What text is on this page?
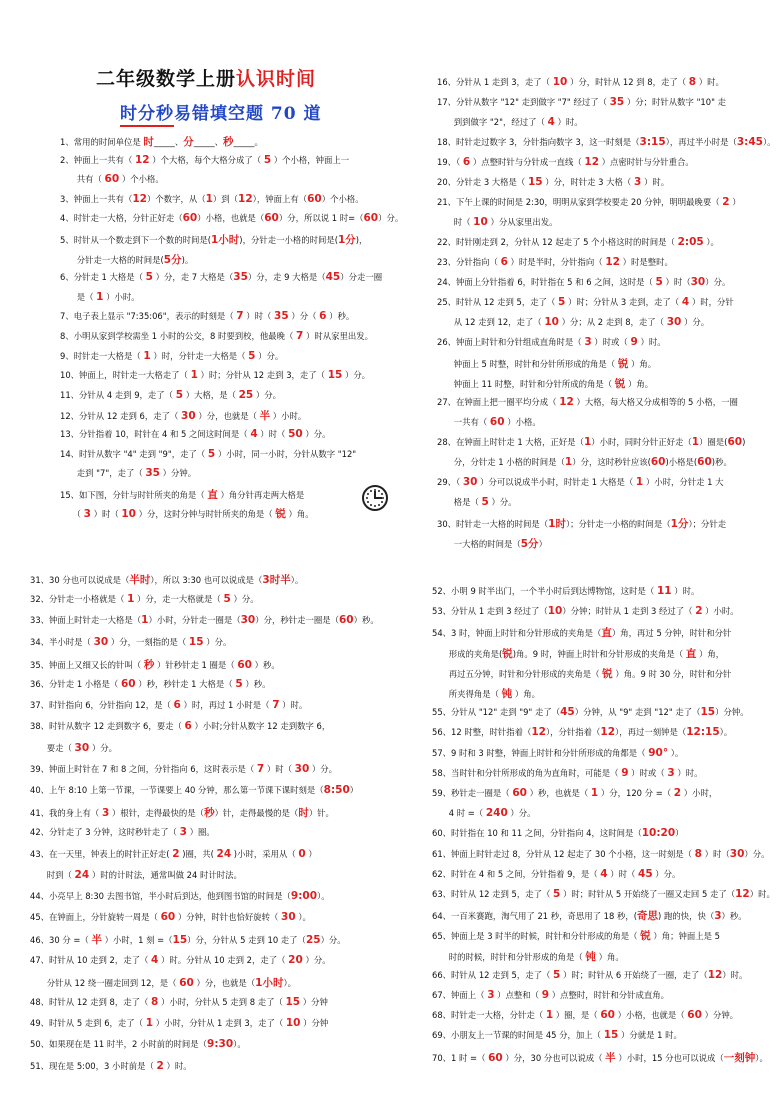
二年级数学上册认识时间
时分秒易错填空题 70 道
1、常用的时间单位是 时_____、分_____、秒_____。
2、钟面上一共有（ 12 ）个大格，每个大格分成了（ 5 ）个小格，钟面上一
　　共有（ 60 ）个小格。
3、钟面上一共有（12）个数字，从（1）到（12），钟面上有（60）个小格。
4、时针走一大格，分针正好走（60）小格，也就是（60）分，所以说 1 时=（60）分。
5、时针从一个数走到下一个数的时间是(1小时)，分针走一小格的时间是(1分)，
　　分针走一大格的时间是(5分)。
6、分针走 1 大格是（ 5 ）分，走 7 大格是（35）分，走 9 大格是（45）分走一圈
　　是（ 1 ）小时。
7、电子表上显示 "7:35:06"，表示的时刻是（ 7 ）时（ 35 ）分（ 6 ）秒。
8、小明从家到学校需坐 1 小时的公交，8 时要到校，他最晚（ 7 ）时从家里出发。
9、时针走一大格是（ 1 ）时，分针走一大格是（ 5 ）分。
10、钟面上，时针走一大格走了（ 1 ）时；分针从 12 走到 3，走了（ 15 ）分。
11、分针从 4 走到 9，走了（ 5 ）大格，是（ 25 ）分。
12、分针从 12 走到 6，走了（ 30 ）分，也就是（ 半 ）小时。
13、分针指着 10，时针在 4 和 5 之间这时间是（ 4 ）时（ 50 ）分。
14、时针从数字 "4" 走到 "9"，走了（ 5 ）小时，同一小时，分针从数字 "12"
　　走到 "7"，走了（ 35 ）分钟。
15、如下图，分针与时针所夹的角是（ 直 ）角分针再走两大格是
　　（ 3 ）时（ 10 ）分，这时分钟与时针所夹的角是（ 锐 ）角。
16、分针从 1 走到 3，走了（ 10 ）分，时针从 12 到 8，走了（ 8 ）时。
17、分针从数字 "12" 走到做字 "7" 经过了（ 35 ）分；时针从数字 "10" 走
　　到到做字 "2"，经过了（ 4 ）时。
18、时针走过数字 3，分针指向数字 3，这一时刻是（3:15），再过半小时是（3:45）。
19、（ 6 ）点整时针与分针成一直线（ 12 ）点密时针与分针重合。
20、分针走 3 大格是（ 15 ）分，时针走 3 大格（ 3 ）时。
21、下午上课的时间是 2:30，明明从家到学校要走 20 分钟，明明最晚要（ 2 ）
　　时（ 10 ）分从家里出发。
22、时针刚走到 2，分针从 12 起走了 5 个小格这时的时间是（ 2:05 ）。
23、分针指向（ 6 ）时是半时，分针指向（ 12 ）时是整时。
24、钟面上分针指着 6，时针指在 5 和 6 之间，这时是（ 5 ）时（30）分。
25、时针从 12 走到 5，走了（ 5 ）时；分针从 3 走到，走了（ 4 ）时，分针
　　从 12 走到 12，走了（ 10 ）分；从 2 走到 8，走了（ 30 ）分。
26、钟面上时针和分针组成直角时是（ 3 ）时或（ 9 ）时。
　　钟面上 5 时整，时针和分针所形成的角是（ 锐 ）角。
　　钟面上 11 时整，时针和分针所成的角是（ 锐 ）角。
27、在钟面上把一圈平均分成（ 12 ）大格，每大格又分成相等的 5 小格，一圈
　　一共有（ 60 ）小格。
28、在钟面上时针走 1 大格，正好是（1）小时，同时分针正好走（1）圈是(60)
　　分，分针走 1 小格的时间是（1）分，这时秒针应该(60)小格是(60)秒。
29、（ 30 ）分可以说成半小时，时针走 1 大格是（ 1 ）小时，分针走 1 大
　　格是（ 5 ）分。
30、时针走一大格的时间是（1时）；分针走一小格的时间是（1分）；分针走
　　一大格的时间是（5分）
31、30 分也可以说成是（半时），所以 3:30 也可以说成是（3时半）。
32、分针走一小格就是（ 1 ）分，走一大格就是（ 5 ）分。
33、钟面上时针走一大格是（1）小时，分针走一圈是（30）分，秒针走一圈是（60）秒。
34、半小时是（ 30 ）分，一刻指的是（ 15 ）分。
35、钟面上又细又长的针叫（ 秒 ）针秒针走 1 圈是（ 60 ）秒。
36、分针走 1 小格是（ 60 ）秒，秒针走 1 大格是（ 5 ）秒。
37、时针指向 6，分针指向 12，是（ 6 ）时，再过 1 小时是（ 7 ）时。
38、时针从数字 12 走到数字 6，要走（ 6 ）小时;分针从数字 12 走到数字 6，
　　要走（ 30 ）分。
39、钟面上时针在 7 和 8 之间，分针指向 6，这时表示是（ 7 ）时（ 30 ）分。
40、上午 8:10 上第一节课，一节课要上 40 分钟，那么第一节课下课时刻是（8:50）
41、我的身上有（ 3 ）根针，走得最快的是（秒）针，走得最慢的是（时）针。
42、分针走了 3 分钟，这时秒针走了（ 3 ）圈。
43、在一天里，钟表上的时针正好走( 2 )圈，共( 24 )小时，采用从（ 0 ）
　　时到（ 24 ）时的计时法，通常叫做 24 时计时法。
44、小亮早上 8:30 去图书馆，半小时后到达，他到图书馆的时间是（9:00）。
45、在钟面上，分针旋转一周是（ 60 ）分钟，时针也恰好旋转（ 30 ）。
46、30 分 =（ 半 ）小时，1 刻 =（15）分，分针从 5 走到 10 走了（25）分。
47、时针从 10 走到 2，走了（ 4 ）时。分针从 10 走到 2，走了（ 20 ）分。
　　分针从 12 绕一圈走回到 12，是（ 60 ）分，也就是（1小时）。
48、时针从 12 走到 8，走了（ 8 ）小时，分针从 5 走到 8 走了（ 15 ）分钟
49、时针从 5 走到 6，走了（ 1 ）小时，分针从 1 走到 3，走了（ 10 ）分钟
50、如果现在是 11 时半，2 小时前的时间是（9:30）。
51、现在是 5:00，3 小时前是（ 2 ）时。
52、小明 9 时半出门，一个半小时后到达博物馆，这时是（ 11 ）时。
53、分针从 1 走到 3 经过了（10）分钟；时针从 1 走到 3 经过了（ 2 ）小时。
54、3 时，钟面上时针和分针形成的夹角是（直）角，再过 5 分钟，时针和分针
　　形成的夹角是(锐)角。9 时，钟面上时针和分针形成的夹角是（ 直 ）角，
　　再过五分钟，时针和分针形成的夹角是（ 锐 ）角。9 时 30 分，时针和分针
　　所夹得角是（ 钝 ）角。
55、分针从 "12" 走到 "9" 走了（45）分钟，从 "9" 走到 "12" 走了（15）分钟。
56、12 时整，时针指着（12），分针指着（12），再过一刻钟是（12:15）。
57、9 时和 3 时整，钟面上时针和分针所形成的角都是（ 90° ）。
58、当时针和分针所形成的角为直角时，可能是（ 9 ）时或（ 3 ）时。
59、秒针走一圈是（ 60 ）秒，也就是（ 1 ）分，120 分 =（ 2 ）小时，
　　4 时 =（ 240 ）分。
60、时针指在 10 和 11 之间，分针指向 4，这时间是（10:20）
61、钟面上时针走过 8，分针从 12 起走了 30 个小格，这一时刻是（ 8 ）时（30）分。
62、时针在 4 和 5 之间，分针指着 9，是（ 4 ）时（ 45 ）分。
63、时针从 12 走到 5，走了（ 5 ）时；时针从 5 开始绕了一圈又走回 5 走了（12）时。
64、一百米赛跑，淘气用了 21 秒，奇思用了 18 秒，(奇思) 跑的快，快（3）秒。
65、钟面上是 3 时半的时候，时针和分针形成的角是（ 锐 ）角；钟面上是 5
　　时的时候，时针和分针形成的角是（ 钝 ）角。
66、时针从 12 走到 5，走了（ 5 ）时；时针从 6 开始绕了一圈，走了（12）时。
67、钟面上（ 3 ）点整和（ 9 ）点整时，时针和分针成直角。
68、时针走一大格，分针走（ 1 ）圈，是（ 60 ）小格，也就是（ 60 ）分钟。
69、小朋友上一节课的时间是 45 分，加上（ 15 ）分就是 1 时。
70、1 时 =（ 60 ）分，30 分也可以说成（ 半 ）小时，15 分也可以说成（一刻钟）。
